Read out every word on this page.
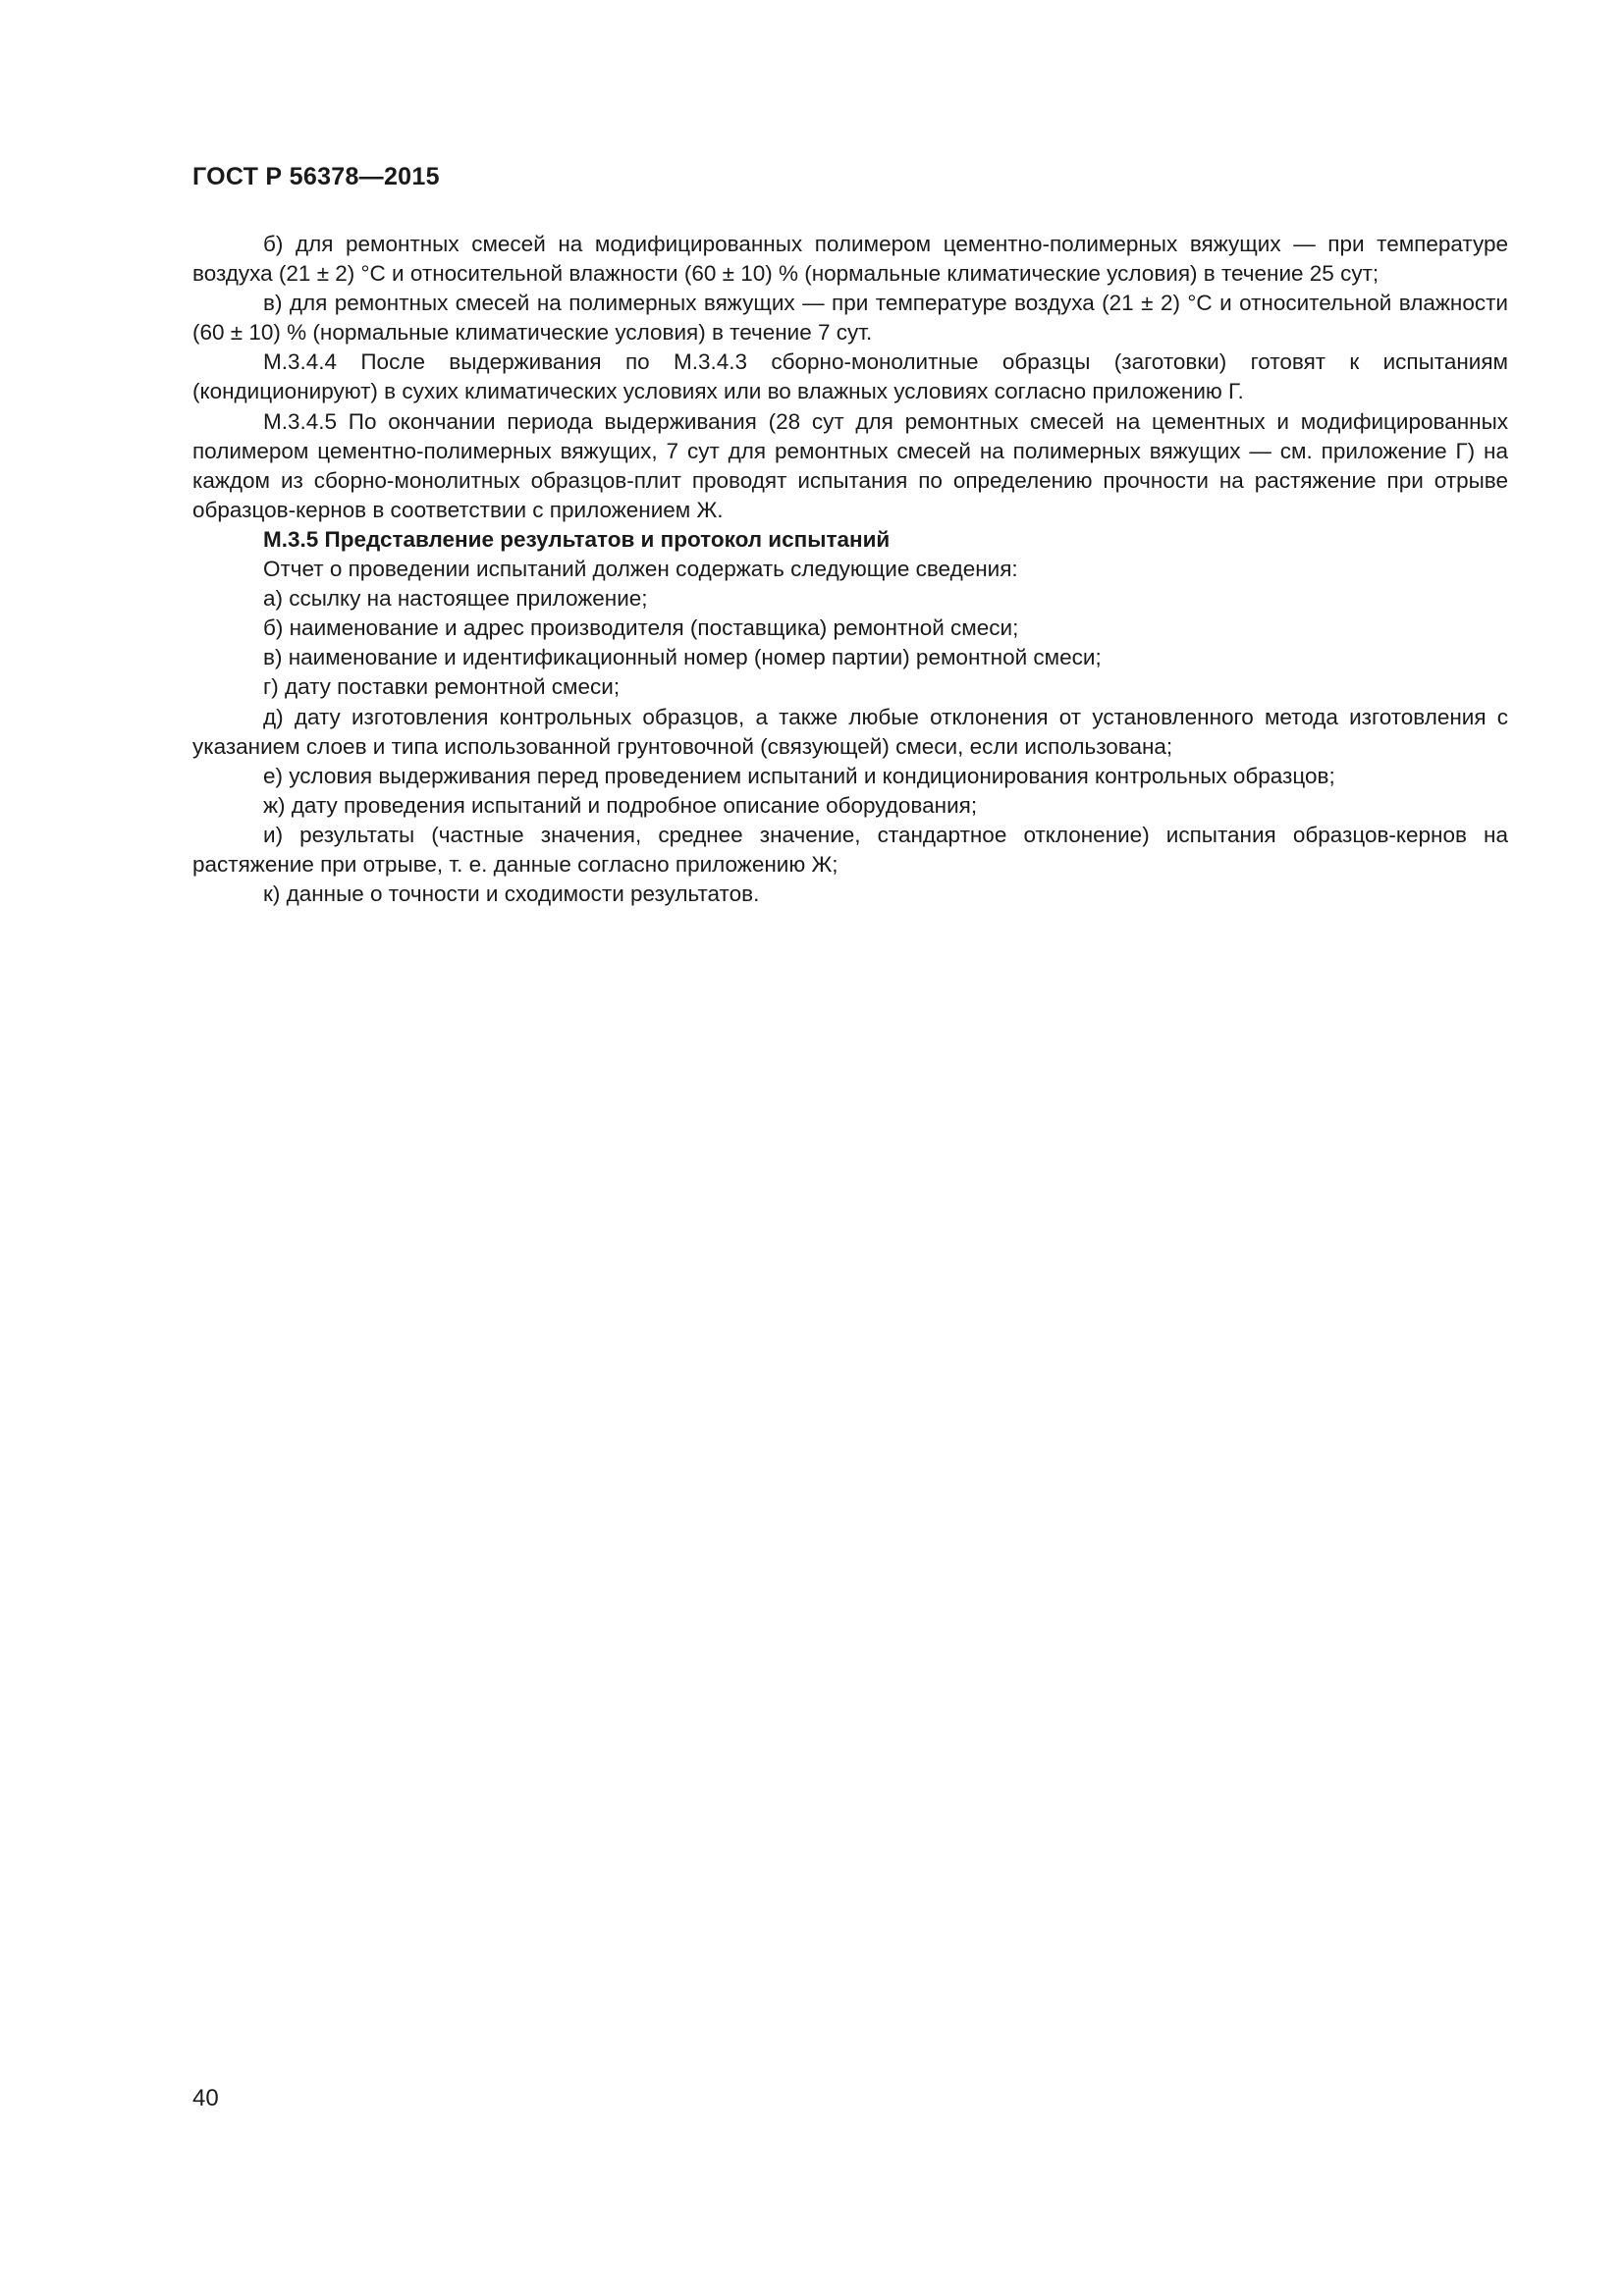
ГОСТ Р 56378—2015

б) для ремонтных смесей на модифицированных полимером цементно-полимерных вяжущих — при температуре воздуха (21 ± 2) °С и относительной влажности (60 ± 10) % (нормальные климатические условия) в течение 25 сут;

в) для ремонтных смесей на полимерных вяжущих — при температуре воздуха (21 ± 2) °С и относительной влажности (60 ± 10) % (нормальные климатические условия) в течение 7 сут.

М.3.4.4 После выдерживания по М.3.4.3 сборно-монолитные образцы (заготовки) готовят к испытаниям (кондиционируют) в сухих климатических условиях или во влажных условиях согласно приложению Г.

М.3.4.5 По окончании периода выдерживания (28 сут для ремонтных смесей на цементных и модифицированных полимером цементно-полимерных вяжущих, 7 сут для ремонтных смесей на полимерных вяжущих — см. приложение Г) на каждом из сборно-монолитных образцов-плит проводят испытания по определению прочности на растяжение при отрыве образцов-кернов в соответствии с приложением Ж.

М.3.5 Представление результатов и протокол испытаний

Отчет о проведении испытаний должен содержать следующие сведения:

а) ссылку на настоящее приложение;

б) наименование и адрес производителя (поставщика) ремонтной смеси;

в) наименование и идентификационный номер (номер партии) ремонтной смеси;

г) дату поставки ремонтной смеси;

д) дату изготовления контрольных образцов, а также любые отклонения от установленного метода изготовления с указанием слоев и типа использованной грунтовочной (связующей) смеси, если использована;

е) условия выдерживания перед проведением испытаний и кондиционирования контрольных образцов;

ж) дату проведения испытаний и подробное описание оборудования;

и) результаты (частные значения, среднее значение, стандартное отклонение) испытания образцов-кернов на растяжение при отрыве, т. е. данные согласно приложению Ж;

к) данные о точности и сходимости результатов.

40
